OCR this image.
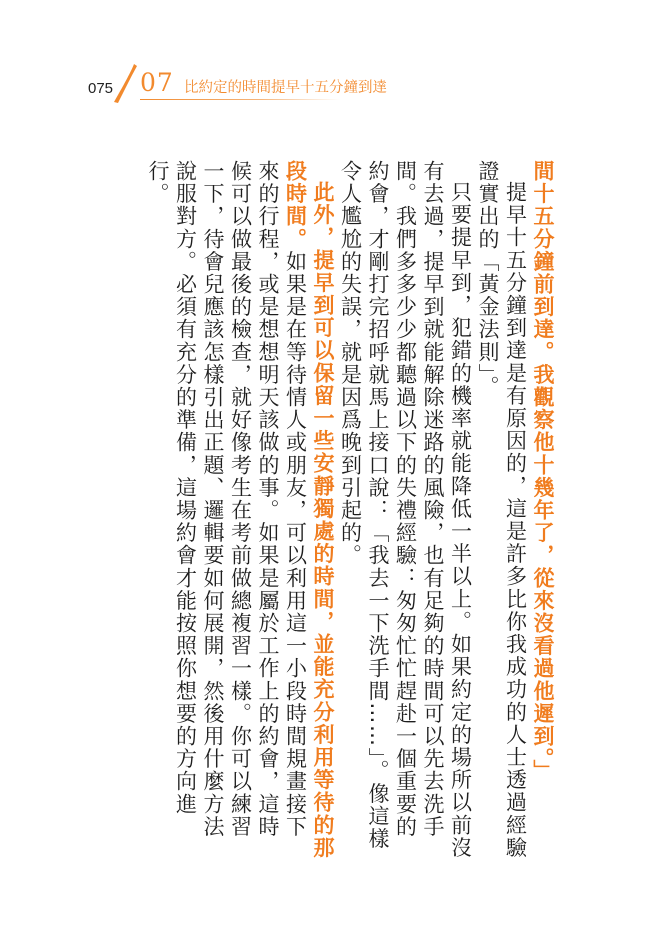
075 07 比約定的時間提早十五分鐘到達

間十五分鐘前到達。我觀察他十幾年了，從來沒看過他遲到。」

提早十五分鐘到達是有原因的，這是許多比你我成功的人士透過經驗證實出的「黃金法則」。

只要提早到，犯錯的機率就能降低一半以上。如果約定的場所以前沒有去過，提早到就能解除迷路的風險，也有足夠的時間可以先去洗手間。我們多多少少都聽過以下的失禮經驗：匆匆忙忙趕赴一個重要的約會，才剛打完招呼就馬上接口說：「我去一下洗手間……」。像這樣令人尷尬的失誤，就是因爲晚到引起的。

此外，提早到可以保留一些安靜獨處的時間，並能充分利用等待的那段時間。如果是在等待情人或朋友，可以利用這一小段時間規畫接下來的行程，或是想想明天該做的事。如果是屬於工作上的約會，這時候可以做最後的檢查，就好像考生在考前做總複習一樣。你可以練習一下，待會兒應該怎樣引出正題、邏輯要如何展開，然後用什麼方法說服對方。必須有充分的準備，這場約會才能按照你想要的方向進行。
